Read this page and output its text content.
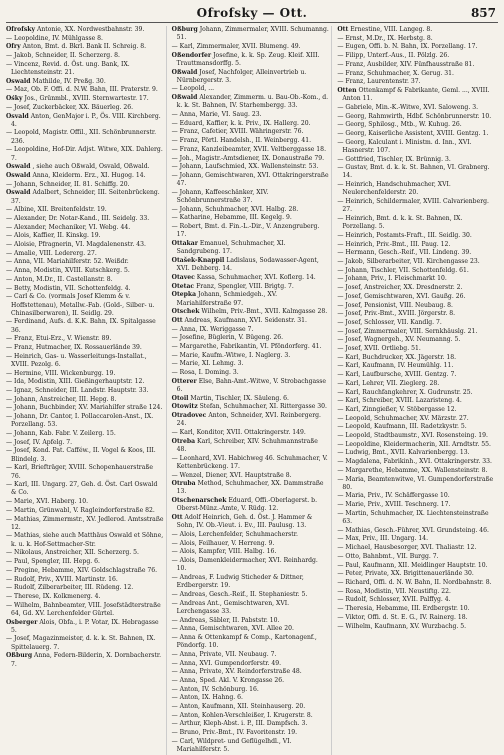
Ofrofsky — Ott.	857

Ofrofsky Antonie, XX. Nordwestbahnstr. 39.

— Leopoldine, IV. Mühlgasse 8.

Ofry Anton, Bmt. d. Bkrl. Bank II. Schreig. 8.

— Jakob, Schneider, II. Scherzerg. 8.

— Vincenz, Revid. d. Öst. ung. Bank, IX. Liechtensteinstr. 21.

Oswald Mathilde, IV. Preßg. 30.

— Maz, Ob. F. Offi. d. N.W. Bahn, III. Praterstr. 9.

Ośky Jos., Grünmbl., XVIII. Sternwartestr. 17.

— Josef, Zuckerbäcker, XX. Bäuerleg. 26.

Osvald Anton, GenMajor i. P., Ös. VIII. Kirchberg. 4.

— Leopold, Magistr. Offil., XII. Schönbrunnerstr. 236.

— Leopoldine, Hof-Dir. Adjst. Witwe, XIX. Dahlerg. 7.

Oswald , siehe auch Oßwald, Osvald, Oßwald.

Oswald Anna, Kleiderm. Erz., XI. Hugog. 14.

— Johann, Schneider, II. 81. Schiffg. 20.

Oswald Adalbert, Schneider, III. Seitenbrückeng. 37.

— Albine, XII. Breitenfeldstr. 19.

— Alexander, Dr. Notar-Kand., III. Seidelg. 33.

— Alexander, Mechaniker, VI. Webg. 44.

— Alois, Kaffier, II. Kinskg. 19.

— Aloisie, Pfragnerin, VI. Magdalenenstr. 43.

— Amalie, VIII. Ledererg. 27.

— Anna, VII. Mariahilferstr. 52. Weißdr.

— Anna, Modistin, XVIII. Kutschkerg. 5.

— Anton, M.Dr., II. Castellanstr. 8.

— Betty, Modistin, VII. Schottenfeldg. 4.

— Carl & Co. (vormals Josef Klemm & v. Hoffstettenau), Metallw.-Fab. (Gold-, Silber- u. Chinasilberwaren), II. Seidlg. 29.

— Ferdinand, Aufs. d. K.K. Bahn, IX. Spitalgasse 36.

— Franz, Etui-Erz., V. Wienstr. 89.

— Franz, Hutmacher, IX. Rossauerlände 39.

— Heinrich, Gas- u. Wasserleitungs-Installat., XVIII. Pezolg. 6.

— Hermine, VIII. Wickenburgg. 19.

— Ida, Modistin, XIII. Gießingerhauptstr. 12.

— Ignaz, Schneider, III. Landstr. Hauptstr. 33.

— Johann, Anstreicher, III. Hepg. 8.

— Johann, Buchbinder, XV. Mariahilfer straße 124.

— Johann, Dr. Cantor, I. Pollaccarolen-Anst., IX. Porzellang. 53.

— Johann, Kab. Fabr. V. Zeilerg. 15.

— Josef, IV. Apfelg. 7.

— Josef, Kond. Pat. Cafféw., II. Vogel & Koos, III. Blindelg. 3.

— Karl, Briefträger, XVIII. Schopenhauerstraße 76.

— Karl, III. Ungarg. 27, Geh. d. Öst. Carl Oswald & Co.

— Marie, XVI. Haberg. 10.

— Martin, Grünwabl, V. Ragleindorferstraße 82.

— Mathias, Zimmermstr., XV. Jedlerod. Amtsstraße 12.

— Mathias, siehe auch Matthäus Oswald et Söhne, k. u. k. Hof-Settmacher-Str.

— Nikolaus, Anstreicher, XII. Scherzerg. 5.

— Paul, Spengler, III. Hepg. 6.

— Pregine, Hebamme, XIV. Goldschlagstraße 76.

— Rudolf, Priv., XVIII. Martinstr. 16.

— Rudolf, Zilberarbeiter, III. Rüdeng. 12.

— Therese, IX. Kolkmenerg. 4.

— Wilhelm, Bahnbeamter, VIII. Josefstädterstraße 64, Gd. XV. Lerchenfelder Gürtel.

Osberger Alois, Obfa., i. P. Votar, IX. Hebragasse 5.

— Josef, Magazinmeister, d. k. k. St. Bahnen, IX. Spittelauerg. 7.

Oßburg Anna, Federn-Bilderin, X. Dornbacherstr. 7.

Oßburg Johann, Zimmermaler, XVIII. Schumanng. 51.

— Karl, Zimmermaler, XVII. Blumeng. 49.

Oßendorfer Josefine, k. k. Sp. Zeug. Kleif. XIII. Trauttmansdorffg. 5.

Oßwald Josef, Nachfolger, Alleinvertrieb u. Nürnbergerstr. 3.

— Leopold, ...

Oßwald Alexander, Zimmerm. u. Bau-Ob.-Kom., d. k. k. St. Bahnen, IV. Starhembergg. 33.

— Anna, Marie, VI. Saug. 23.

— Eduard, Kaffier, k. k. Priv., IX. Hallerg. 20.

— Franz, Cafetier, XVIII. Währingerstr. 76.

— Franz, Pörtl. Handelsh., II. Weinbergg. 41.

— Franz, Kanzleibeamter, XVII. Veltberggasse 18.

— Joh., Magistr.-Amtsdiener, IX. Donaustraße 79.

— Johann, Laufschmied, XX. Wallensteinstr. 53.

— Johann, Gemischtwaren, XVI. Ottakringerstraße 47.

— Johann, Kaffeeschänker, XIV. Schönbrunnerstraße 37.

— Johann, Schuhmacher, XVI. Halbg. 28.

— Katharine, Hebamme, III. Kegelg. 9.

— Robert, Bmt. d. Fin.-L.-Dir., V. Anzengruberg. 17.

Ottakar Emanuel, Schuhmacher, XI. Sandgrubeng. 17.

Otašek-Knappil Ladislaus, Sodawasser-Agent, XVI. Dehberg. 14.

Otavec Kassa, Schuhmacher, XVI. Koflerg. 14.

Otetac Franz, Spengler, VIII. Brigtg. 7.

Otepka Johann, Schmiedgeh., XV. Mariahilferstraße 97.

Otschek Wilhelm, Priv.-Bmt., XVII. Kalmgasse 28.

Ott Andreas, Kaufmann, XVI. Seidenstr. 31.

— Anna, IX. Weriggasse 7.

— Josefine, Büglerin, V. Bügeng. 26.

— Margarethe, Fabrikantin, VI. Pföndorferg. 41.

— Marie, Kaufm.-Witwe, I. Naglerg. 3.

— Marie, XI. Lehmg. 3.

— Rosa, I. Doming. 3.

Otterer Else, Bahn-Amt.-Witwe, V. Strobachgasse 6.

Otoil Martin, Tischler, IX. Säuleng. 6.

Otowitz Stefan, Schuhmacher, XI. Rittergasse 30.

Otradovec Anton, Schneider, XVI. Reinbergerg. 24.

— Karl, Konditor, XVII. Ottakringerstr. 149.

Otreba Karl, Schreiber, XIV. Schuhmannstraße 48.

— Leonhard, XVI. Habichweg 46. Schuhmacher, V. Kettenbrückeng. 17.

— Wenzel, Diener, XVI. Hauptstraße 8.

Otruba Method, Schuhmacher, XX. Dammstraße 13.

Otschenarschek Eduard, Offi.-Oberlagerst. b. Oberst-Münz.-Amte, V. Rüdg. 12.

Ott Adolf Heinrich, Geh. d. Öst. J. Hammer & Sohn, IV. Ob.-Vieut. i. Ev., III. Paulusg. 13.

— Alois, Lerchenfelder, Schuhmacherstr.

— Alois, Feilhauer, V. Herreng. 9.

— Alois, Kampfer, VIII. Halbg. 16.

— Alois, Damenkleidermacher, XVI. Reinhardg. 10.

— Andreas, F. Ludwig Sticheder & Dittner, Erdbergerstr. 19.

— Andreas, Gesch.-Reif., II. Stephaniestr. 5.

— Andreas Ant., Gemischtwaren, XVI. Lerchengasse 33.

— Andreas, Säbler, II. Pabststr. 10.

— Anna, Gemischtwaren, XVI. Allee 20.

— Anna & Ottenkampf & Comp., Kartonagenf., Pöndorfg. 10.

— Anna, Private, VII. Neubaug. 7.

— Anna, XVI. Gumpendorferstr. 49.

— Anna, Private, XV. Reindorferstraße 48.

— Anna, Sped. Akl. V. Krongasse 26.

— Anton, IV. Schönburg. 16.

— Anton, IX. Hahng. 6.

— Anton, Kaufmann, XII. Steinhauserg. 20.

— Anton, Kohlen-Verschleißer, I. Krugerstr. 8.

— Arthur, Kleph-Abst. i. P., III. Dampfsch. 3.

— Bruno, Priv.-Bmt., IV. Favoritenstr. 19.

— Carl, Wildpret- und Geflügelhdl., VI. Mariahilferstr. 5.

Ott Ernestine, VIII. Langeg. 8.

— Ernst, M.Dr., IX. Herbstg. 8.

— Eugen, Offi. b. N. Bahn, IX. Porzellang. 17.

— Filipp, Unterf.-Aus., II. Pölzlg. 26.

— Franz, Ausbilder, XIV. Fünfhausstraße 81.

— Franz, Schuhmacher, X. Gerug. 31.

— Franz, Laurentenstr. 37.

Otten Ottenkampf & Fabrikante, Geml. ..., XVIII. Anton 11.

— Gabriele, Min.-K.-Witwe, XVI. Saloweng. 3.

— Georg, Rahmwirth, Hdbf. Schönbrunnerstr. 10.

— Georg, Sphilosg., Mtb., W. Kuhug. 26.

— Georg, Kaiserliche Assistent, XVIII. Gentzg. 1.

— Georg, Kalculant i. Ministm. d. Inn., XVI. Hasnerstr. 107.

— Gottfried, Tischler, IX. Brünnig. 3.

— Gustav, Bmt. d. k. k. St. Bahnen, VI. Grabnerg. 14.

— Heinrich, Handschuhmacher, XVI. Neulerchenfelderstr. 20.

— Heinrich, Schildermaler, XVIII. Calvarienberg. 27.

— Heinrich, Bmt. d. k. k. St. Bahnen, IX. Porzellang. 5.

— Heinrich, Postamts-Fraft., III. Seidlg. 30.

— Heinrich, Priv.-Bmt., III. Paug. 12.

— Hermann, Gesch.-Reif., VII. Lindeng. 39.

— Jakob, Silberarbeiter, VII. Kirchengasse 23.

— Johann, Tischler, VII. Schottenfeldg. 61.

— Johann, Priv., I. Fleischmarkt 10.

— Josef, Anstreicher, XX. Dresdnerstr. 2.

— Josef, Gemischtwaren, XVI. Gaußg. 26.

— Josef, Pensionist, VIII. Neubaug. 8.

— Josef, Priv.-Bmt., XVIII. Jörgerstr. 8.

— Josef, Schlosser, VII. Kandlg. 7.

— Josef, Zimmermaler, VIII. Sernkhäuslg. 21.

— Josef, Wagnergeh., XV. Neumanng. 5.

— Josef, XVII. Ortliebg. 51.

— Karl, Buchdrucker, XX. Jägerstr. 18.

— Karl, Kaufmann, IV. Heumühlg. 11.

— Karl, Laufbursche, XVIII. Gentzg. 7.

— Karl, Lehrer, VII. Zieglerg. 28.

— Karl, Rauchfangkehrer, X. Gudrunstr. 25.

— Karl, Schreiber, XVIII. Lazaristeng. 4.

— Karl, Zinngießer, V. Stöbergasse 12.

— Leopold, Schuhmacher, XV. Märzstr. 27.

— Leopold, Kaufmann, III. Radetzkystr. 5.

— Leopold, Stadtbaumstr., XVI. Rosensteing. 19.

— Leopoldine, Kleidermacherin, XII. Arndtstr. 55.

— Ludwig, Bmt., XVII. Kalvarienbergg. 13.

— Magdalena, Fabrikinh., XVI. Ottakringerstr. 33.

— Margarethe, Hebamme, XX. Wallensteinstr. 8.

— Maria, Beamtenwitwe, VI. Gumpendorferstraße 80.

— Maria, Priv., IV. Schäffergasse 10.

— Marie, Priv., XVIII. Teschnerg. 17.

— Martin, Schuhmacher, IX. Liechtensteinstraße 63.

— Mathias, Gesch.-Führer, XVI. Grundsteing. 46.

— Max, Priv., III. Ungarg. 14.

— Michael, Hausbesorger, XVI. Thaliastr. 12.

— Otto, Bahnbmt., VII. Burgg. 7.

— Paul, Kaufmann, XII. Meidlinger Hauptstr. 10.

— Peter, Private, XX. Brigittenauerlände 30.

— Richard, Offi. d. N. W. Bahn, II. Nordbahnstr. 8.

— Rosa, Modistin, VII. Neustiftg. 22.

— Rudolf, Schlosser, XVII. Palffyg. 4.

— Theresia, Hebamme, III. Erdbergstr. 10.

— Viktor, Offi. d. St. E. G., IV. Rainerg. 18.

— Wilhelm, Kaufmann, XV. Wurzbachg. 5.
